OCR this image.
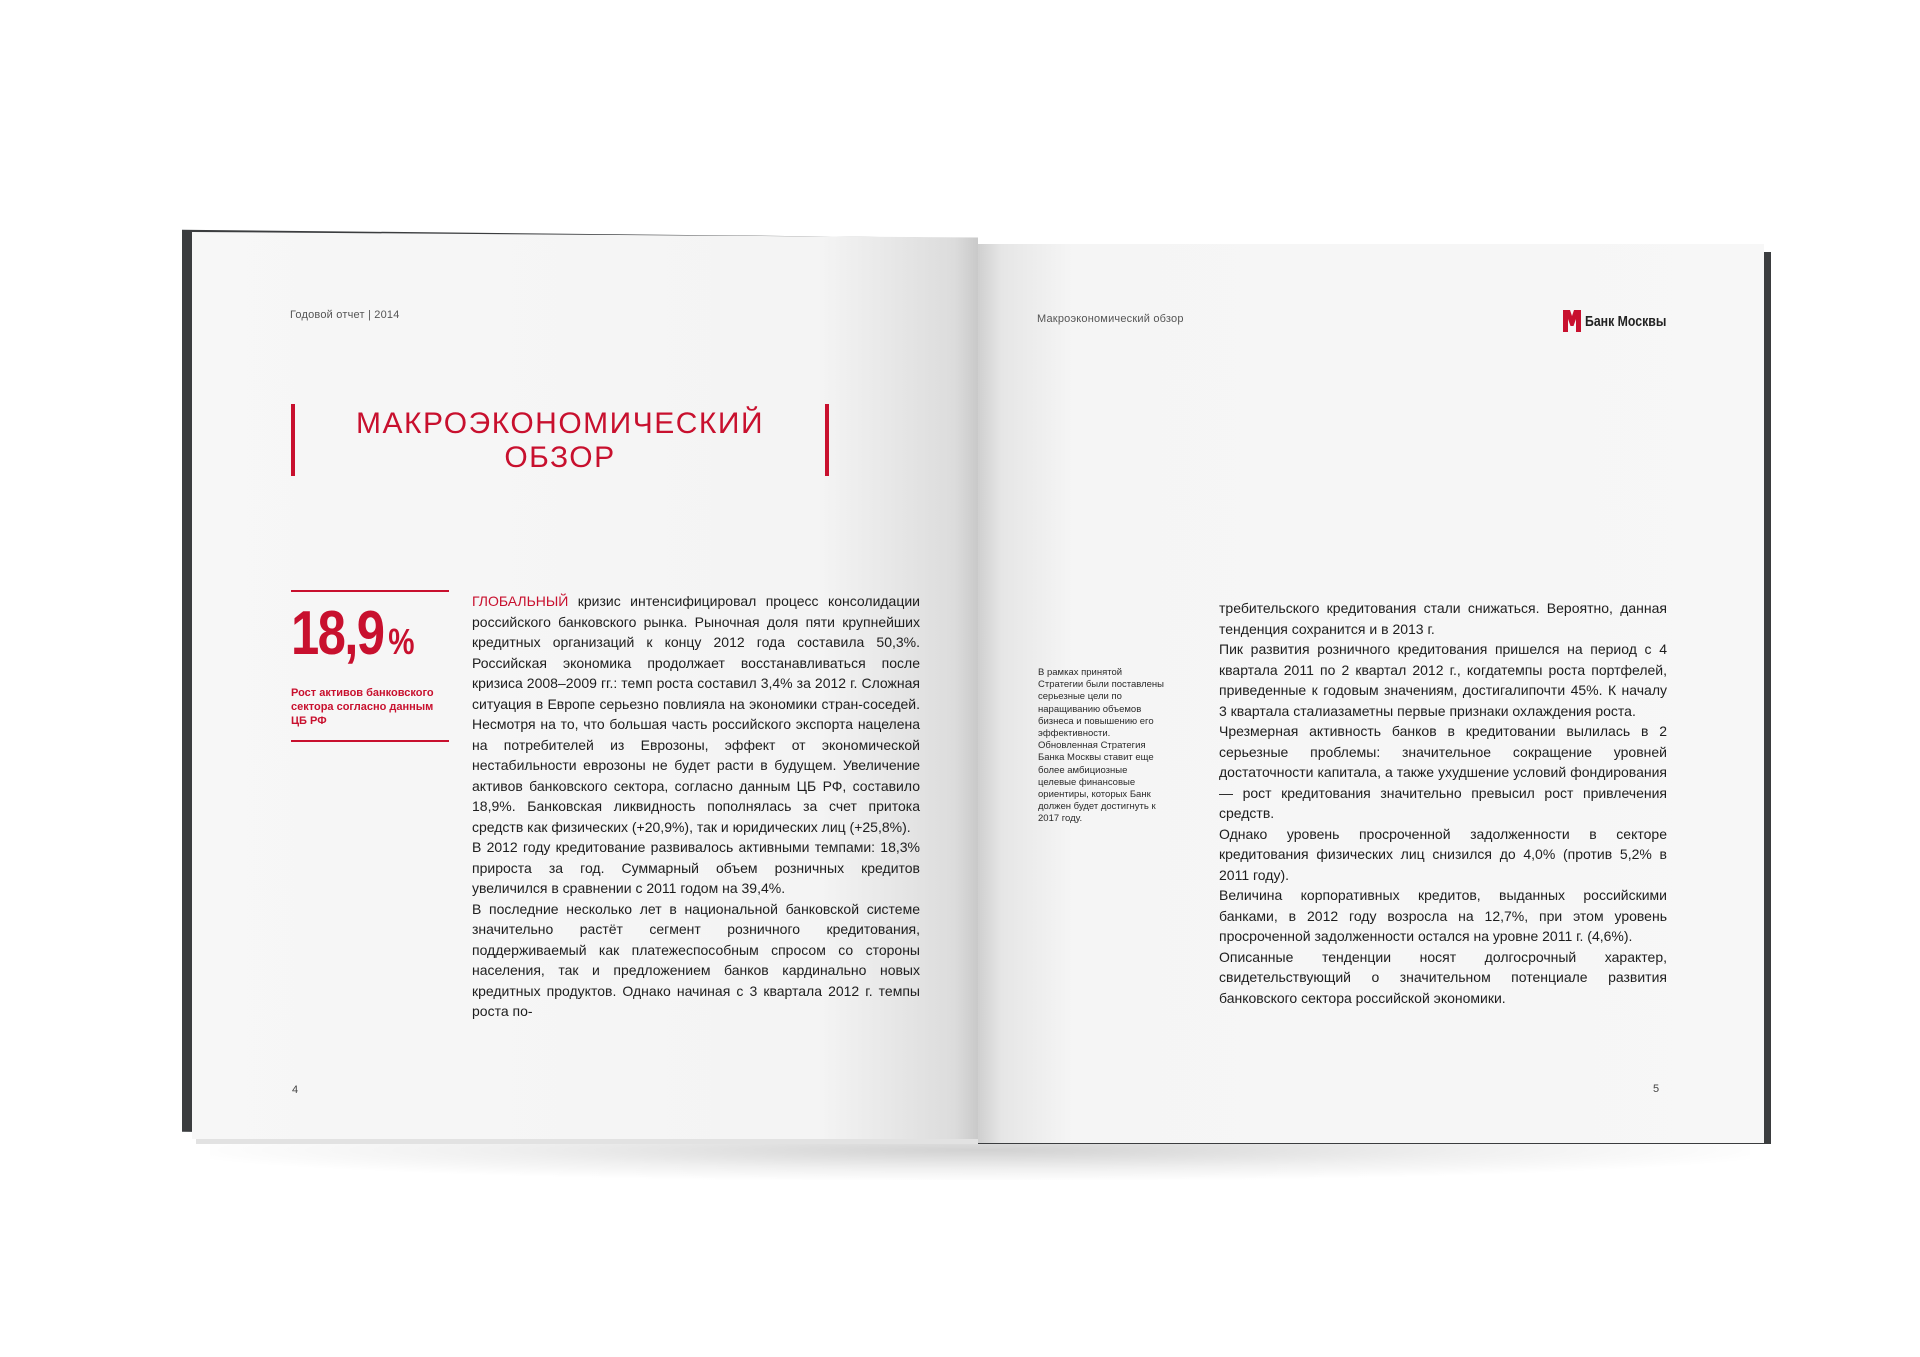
Годовой отчет | 2014
МАКРОЭКОНОМИЧЕСКИЙ
ОБЗОР
18,9 %
Рост активов банковского сектора согласно данным ЦБ РФ

ГЛОБАЛЬНЫЙ кризис интенсифицировал процесс консолидации российского банковского рынка. Рыночная доля пяти крупнейших кредитных организаций к концу 2012 года составила 50,3%. Российская экономика продолжает восстанавливаться после кризиса 2008–2009 гг.: темп роста составил 3,4% за 2012 г. Сложная ситуация в Европе серьезно повлияла на экономики стран-соседей. Несмотря на то, что большая часть российского экспорта нацелена на потребителей из Еврозоны, эффект от экономической нестабильности еврозоны не будет расти в будущем. Увеличение активов банковского сектора, согласно данным ЦБ РФ, составило 18,9%. Банковская ликвидность пополнялась за счет притока средств как физических (+20,9%), так и юридических лиц (+25,8%).

В 2012 году кредитование развивалось активными темпами: 18,3% прироста за год. Суммарный объем розничных кредитов увеличился в сравнении с 2011 годом на 39,4%.

В последние несколько лет в национальной банковской системе значительно растёт сегмент розничного кредитования, поддерживаемый как платежеспособным спросом со стороны населения, так и предложением банков кардинально новых кредитных продуктов. Однако начиная с 3 квартала 2012 г. темпы роста по-

4
Макроэкономический обзор	Банк Москвы
В рамках принятой Стратегии были поставлены серьезные цели по наращиванию объемов бизнеса и повышению его эффективности. Обновленная Стратегия Банка Москвы ставит еще более амбициозные целевые финансовые ориентиры, которых Банк должен будет достигнуть к 2017 году.

требительского кредитования стали снижаться. Вероятно, данная тенденция сохранится и в 2013 г.

Пик развития розничного кредитования пришелся на период с 4 квартала 2011 по 2 квартал 2012 г., когдатемпы роста портфелей, приведенные к годовым значениям, достигалипочти 45%. К началу 3 квартала сталиазаметны первые признаки охлаждения роста.

Чрезмерная активность банков в кредитовании вылилась в 2 серьезные проблемы: значительное сокращение уровней достаточности капитала, а также ухудшение условий фондирования — рост кредитования значительно превысил рост привлечения средств.

Однако уровень просроченной задолженности в секторе кредитования физических лиц снизился до 4,0% (против 5,2% в 2011 году).

Величина корпоративных кредитов, выданных российскими банками, в 2012 году возросла на 12,7%, при этом уровень просроченной задолженности остался на уровне 2011 г. (4,6%).

Описанные тенденции носят долгосрочный характер, свидетельствующий о значительном потенциале развития банковского сектора российской экономики.

5
